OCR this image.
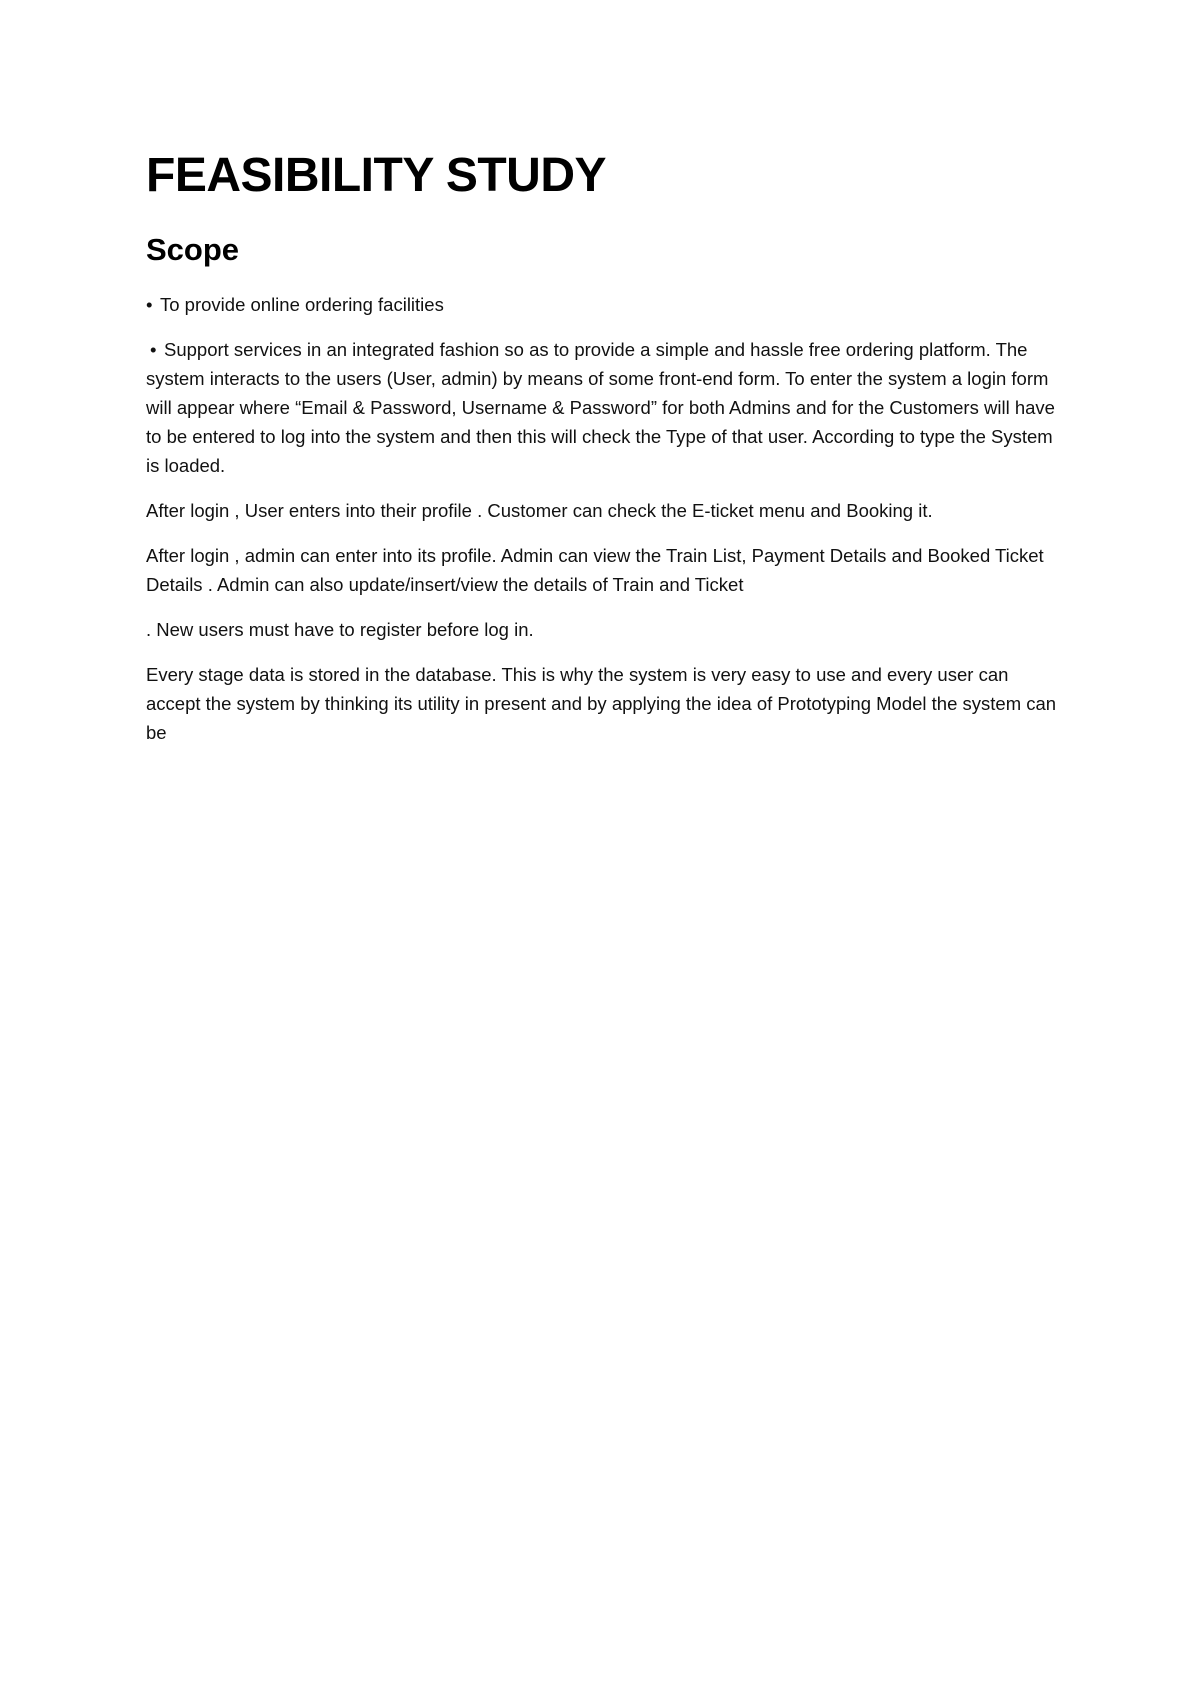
FEASIBILITY STUDY
Scope

• To provide online ordering facilities

• Support services in an integrated fashion so as to provide a simple and hassle free ordering platform. The system interacts to the users (User, admin) by means of some front-end form. To enter the system a login form will appear where “Email & Password, Username & Password” for both Admins and for the Customers will have to be entered to log into the system and then this will check the Type of that user. According to type the System is loaded.

After login , User enters into their profile . Customer can check the E-ticket menu and Booking it.

After login , admin can enter into its profile. Admin can view the Train List, Payment Details and Booked Ticket Details . Admin can also update/insert/view the details of Train and Ticket

. New users must have to register before log in.

Every stage data is stored in the database. This is why the system is very easy to use and every user can accept the system by thinking its utility in present and by applying the idea of Prototyping Model the system can be
